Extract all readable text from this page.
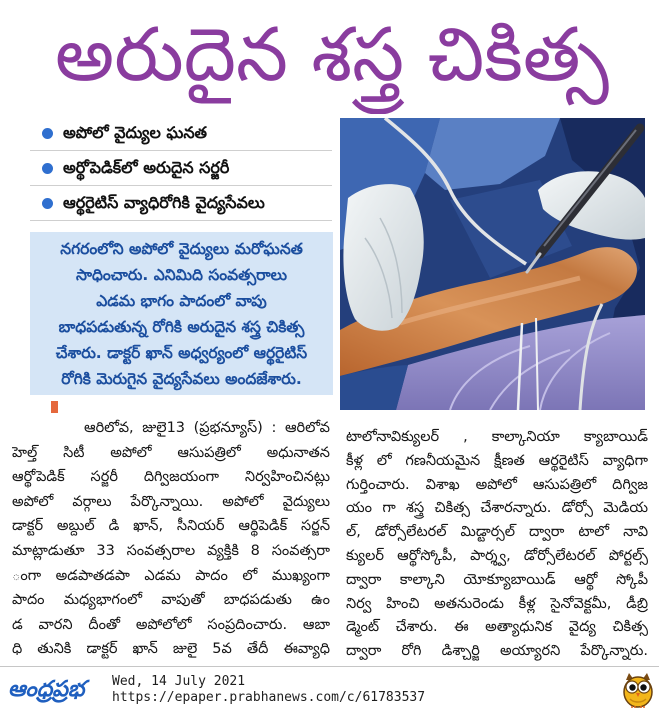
అరుదైన శస్త్ర చికిత్స
అపోలో వైద్యుల ఘనత
అర్థోపెడిక్‌లో అరుదైన సర్జరీ
ఆర్థరైటిస్ వ్యాధిరోగికి వైద్యసేవలు
నగరంలోని అపోలో వైద్యులు మరోఘనత
సాధించారు. ఎనిమిది సంవత్సరాలు
ఎడమ భాగం పాదంలో వాపు
బాధపడుతున్న రోగికి అరుదైన శస్త్ర చికిత్స
చేశారు. డాక్టర్ ఖాన్ అధ్వర్యంలో ఆర్థరైటిస్
రోగికి మెరుగైన వైద్యసేవలు అందజేశారు.
ఆరిలోవ, జులై13 (ప్రభన్యూస్) : ఆరిలోవ
హెల్త్ సిటీ అపోలో ఆసుపత్రిలో అధునాతన
ఆర్థోపెడిక్ సర్జరీ దిగ్విజయంగా నిర్వహించినట్లు
అపోలో వర్గాలు పేర్కొన్నాయి. అపోలో వైద్యులు
డాక్టర్ అబ్దుల్ డి ఖాన్, సీనియర్ ఆర్థిపెడిక్ సర్జన్
మాట్లాడుతూ 33 సంవత్సరాల వ్యక్తికి 8 సంవత్సరా
ంగా అడపాతడపా ఎడమ పాదం లో ముఖ్యంగా
పాదం మధ్యభాగంలో వాపుతో బాధపడుతు ఉం
డ వారని దీంతో అపోలోలో సంప్రదించారు. ఆబా
ధి తునికి డాక్టర్ ఖాన్ జులై 5వ తేదీ ఈవ్యాధి
టాలోనావిక్యులర్ , కాల్కానియా క్యాబాయిడ్
కీళ్ల లో గణనీయమైన క్షీణత ఆర్థరైటిస్ వ్యాధిగా
గుర్తించారు. విశాఖ అపోలో ఆసుపత్రిలో దిగ్విజ
యం గా శస్త్ర చికిత్స చేశారన్నారు. డోర్సో మెడియ
ల్, డోర్సోలేటరల్ మిడ్టార్సల్ ద్వారా టాలో నావి
క్యులర్ ఆర్థోస్కోపీ, పార్శ్వ, డోర్సోలేటరల్ పోర్టల్స్
ద్వారా కాల్కాని యోక్యూబాయిడ్ ఆర్థో స్కోపీ
నిర్వ హించి అతనురెండు కీళ్ల సైనోవెక్టమీ, డీబ్రి
డ్మెంట్ చేశారు. ఈ అత్యాధునిక వైద్య చికిత్స
ద్వారా రోగి డిశ్చార్జి అయ్యారని పేర్కొన్నారు.
ఆంధ్రప్రభ	Wed, 14 July 2021
https://epaper.prabhanews.com/c/61783537
